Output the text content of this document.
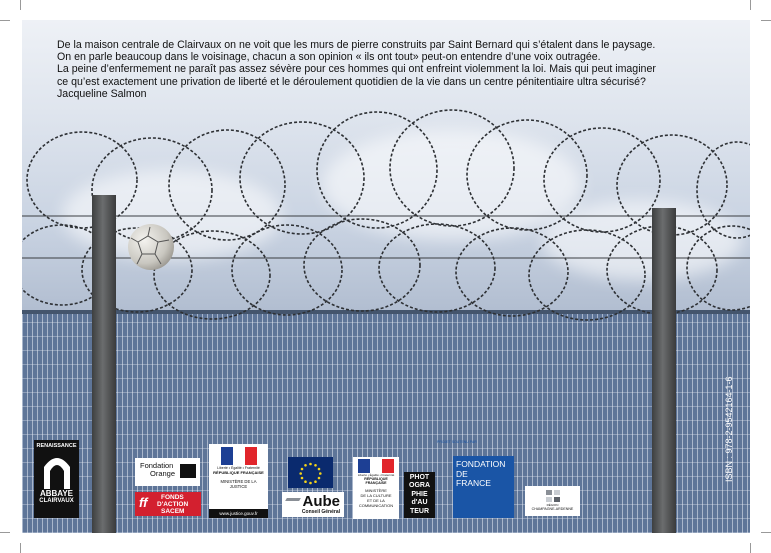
De la maison centrale de Clairvaux on ne voit que les murs de pierre construits par Saint Bernard qui s’étalent dans le paysage.

On en parle beaucoup dans le voisinage, chacun a son opinion « ils ont tout» peut-on entendre d’une voix outragée.

La peine d’enfermement ne paraît pas assez sévère pour ces hommes qui ont enfreint violemment la loi. Mais qui peut imaginer

ce qu’est exactement une privation de liberté et le déroulement quotidien de la vie dans un centre pénitentiaire ultra sécurisé?

Jacqueline Salmon

ISBN : 978-2-9542164-1-6
RENAISSANCE
ABBAYE
CLAIRVAUX
Fondation
Orange
ff FONDS
D'ACTION
SACEM
Liberté • Égalité • Fraternité
RÉPUBLIQUE FRANÇAISE
MINISTÈRE DE LA JUSTICE
www.justice.gouv.fr
Aube
Conseil Général
Liberté • Égalité • Fraternité
RÉPUBLIQUE FRANÇAISE
MINISTÈRE
DE LA CULTURE
ET DE LA
COMMUNICATION
PHOT
OGRA
PHIE
d'AU
TEUR
PROJET SOUTENU PAR
FONDATION
DE
FRANCE
RÉGION
CHAMPAGNE-ARDENNE
